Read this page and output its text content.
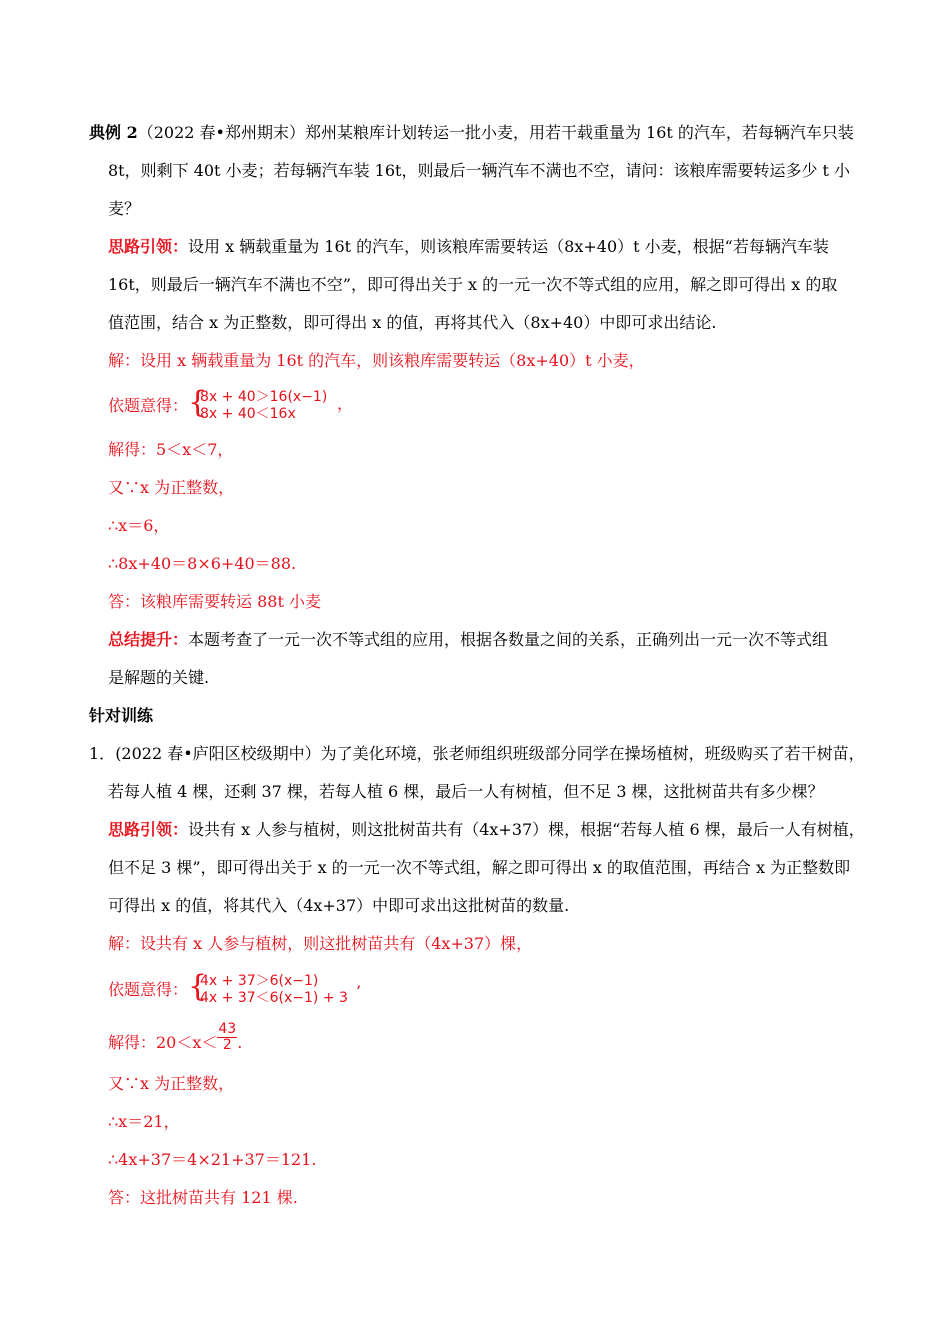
典例 2（2022 春•郑州期末）郑州某粮库计划转运一批小麦，用若干载重量为 16t 的汽车，若每辆汽车只装
8t，则剩下 40t 小麦；若每辆汽车装 16t，则最后一辆汽车不满也不空，请问：该粮库需要转运多少 t 小
麦？
思路引领：设用 x 辆载重量为 16t 的汽车，则该粮库需要转运（8x+40）t 小麦，根据“若每辆汽车装
16t，则最后一辆汽车不满也不空”，即可得出关于 x 的一元一次不等式组的应用，解之即可得出 x 的取
值范围，结合 x 为正整数，即可得出 x 的值，再将其代入（8x+40）中即可求出结论.
解：设用 x 辆载重量为 16t 的汽车，则该粮库需要转运（8x+40）t 小麦，
依题意得： {
8x + 40＞16(x−1)
8x + 40＜16x
，
解得：5＜x＜7，
又∵x 为正整数，
∴x＝6，
∴8x+40＝8×6+40＝88.
答：该粮库需要转运 88t 小麦
总结提升：本题考查了一元一次不等式组的应用，根据各数量之间的关系，正确列出一元一次不等式组
是解题的关键.
针对训练
1．(2022 春•庐阳区校级期中）为了美化环境，张老师组织班级部分同学在操场植树，班级购买了若干树苗，
若每人植 4 棵，还剩 37 棵，若每人植 6 棵，最后一人有树植，但不足 3 棵，这批树苗共有多少棵？
思路引领：设共有 x 人参与植树，则这批树苗共有（4x+37）棵，根据“若每人植 6 棵，最后一人有树植，
但不足 3 棵”，即可得出关于 x 的一元一次不等式组，解之即可得出 x 的取值范围，再结合 x 为正整数即
可得出 x 的值，将其代入（4x+37）中即可求出这批树苗的数量.
解：设共有 x 人参与植树，则这批树苗共有（4x+37）棵，
依题意得： {
4x + 37＞6(x−1)
4x + 37＜6(x−1) + 3 ’
解得：$20<x< \frac{43}{2}$ .
又∵x 为正整数，
∴x＝21，
∴4x+37＝4×21+37＝121.
答：这批树苗共有 121 棵.
